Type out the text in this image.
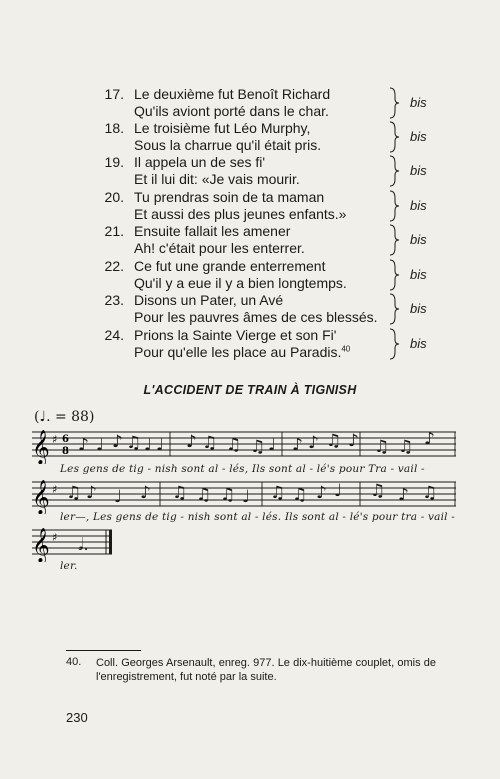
17. Le deuxième fut Benoît Richard
Qu'ils aviont porté dans le char.
bis
18. Le troisième fut Léo Murphy,
Sous la charrue qu'il était pris.
bis
19. Il appela un de ses fi'
Et il lui dit: «Je vais mourir.
bis
20. Tu prendras soin de ta maman
Et aussi des plus jeunes enfants.»
bis
21. Ensuite fallait les amener
Ah! c'était pour les enterrer.
bis
22. Ce fut une grande enterrement
Qu'il y a eue il y a bien longtemps.
bis
23. Disons un Pater, un Avé
Pour les pauvres âmes de ces blessés.
bis
24. Prions la Sainte Vierge et son Fi'
Pour qu'elle les place au Paradis.$^{40}$	bis
L'ACCIDENT DE TRAIN À TIGNISH
(♩. = 88)
𝄞 ♯ 6
8 ♪ ♩ ♪ ♫ ♩ ♩ ♪ ♫ ♫ ♫ ♩ ♪ ♪ ♫ ♪ ♫ ♫ ♪
Les gens de tig - nish sont al - lés, Ils sont al - lé's pour Tra - vail -
𝄞 ♯ ♫ ♪ ♩ ♪ ♫ ♫ ♫ ♩ ♫ ♫ ♪ ♩ ♫ ♪ ♫
ler—, Les gens de tig - nish sont al - lés. Ils sont al - lé's pour tra - vail -
𝄞 ♯ 𝅗𝅥.
ler.
40. Coll. Georges Arsenault, enreg. 977. Le dix-huitième couplet, omis de l'enregistrement, fut noté par la suite.
230
